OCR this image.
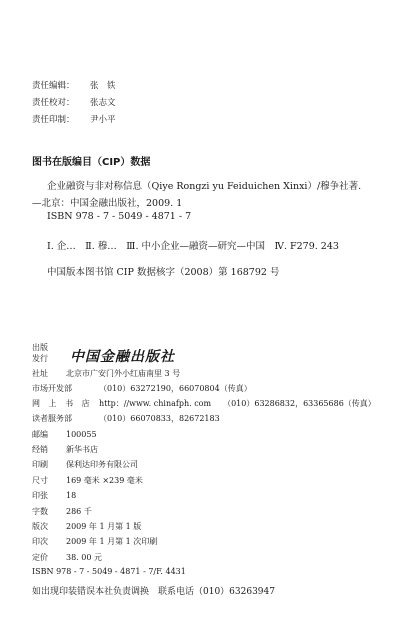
责任编辑： 张　铁
责任校对： 张志文
责任印制： 尹小平
图书在版编目（CIP）数据
企业融资与非对称信息（Qiye Rongzi yu Feiduichen Xinxi）/穆争社著.
—北京：中国金融出版社，2009. 1
ISBN 978 - 7 - 5049 - 4871 - 7
Ⅰ. 企…　Ⅱ. 穆…　Ⅲ. 中小企业—融资—研究—中国　Ⅳ. F279. 243
中国版本图书馆 CIP 数据核字（2008）第 168792 号
出版
发行 中国金融出版社
社址 北京市广安门外小红庙南里 3 号
市场开发部	（010）63272190，66070804（传真）
网 上 书 店 http：//www. chinafph. com　　（010）63286832，63365686（传真）
读者服务部	（010）66070833，82672183
邮编 100055
经销 新华书店
印刷 保利达印务有限公司
尺寸 169 毫米 ×239 毫米
印张 18
字数 286 千
版次 2009 年 1 月第 1 版
印次 2009 年 1 月第 1 次印刷
定价 38. 00 元
ISBN 978 - 7 - 5049 - 4871 - 7/F. 4431
如出现印装错误本社负责调换　联系电话（010）63263947
